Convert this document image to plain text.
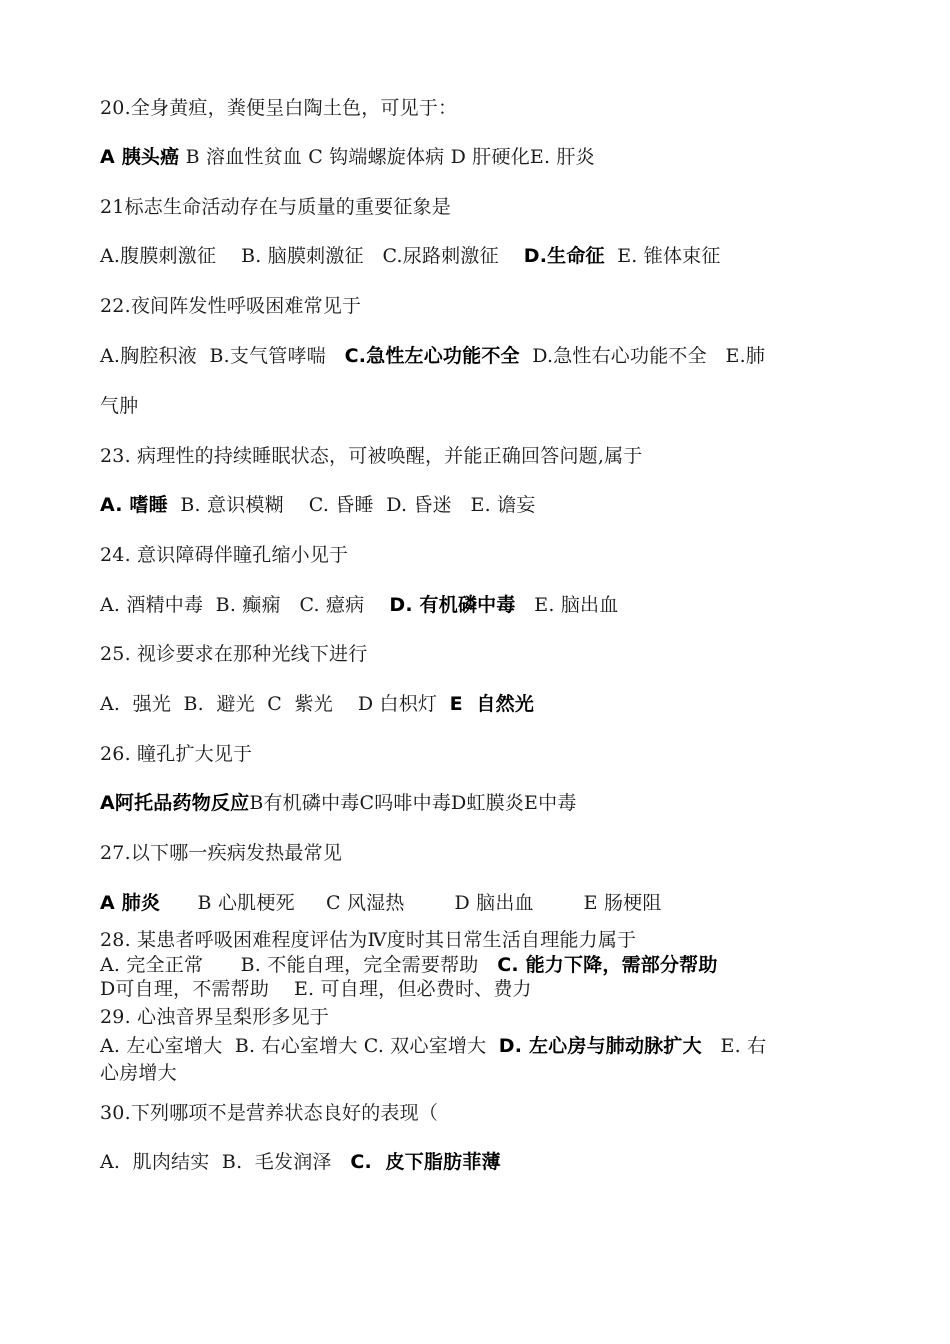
20.全身黄疸，粪便呈白陶土色，可见于：
A 胰头癌 B 溶血性贫血 C 钩端螺旋体病 D 肝硬化E. 肝炎
21标志生命活动存在与质量的重要征象是
A.腹膜刺激征    B. 脑膜刺激征   C.尿路刺激征    D.生命征  E. 锥体束征
22.夜间阵发性呼吸困难常见于
A.胸腔积液  B.支气管哮喘   C.急性左心功能不全  D.急性右心功能不全   E.肺
气肿
23. 病理性的持续睡眠状态，可被唤醒，并能正确回答问题,属于
A. 嗜睡  B. 意识模糊    C. 昏睡  D. 昏迷   E. 谵妄
24. 意识障碍伴瞳孔缩小见于
A. 酒精中毒  B. 癫痫   C. 癔病    D. 有机磷中毒   E. 脑出血
25. 视诊要求在那种光线下进行
A.  强光  B.  避光  C  紫光    D 白枳灯  E  自然光
26. 瞳孔扩大见于
A阿托品药物反应B有机磷中毒C吗啡中毒D虹膜炎E中毒
27.以下哪一疾病发热最常见
A 肺炎      B 心肌梗死     C 风湿热        D 脑出血        E 肠梗阻
28. 某患者呼吸困难程度评估为Ⅳ度时其日常生活自理能力属于
A. 完全正常      B. 不能自理，完全需要帮助   C. 能力下降，需部分帮助
D可自理，不需帮助    E. 可自理，但必费时、费力
29. 心浊音界呈梨形多见于
A. 左心室增大  B. 右心室增大 C. 双心室增大  D. 左心房与肺动脉扩大   E. 右
心房增大
30.下列哪项不是营养状态良好的表现（
A.  肌肉结实  B.  毛发润泽   C.  皮下脂肪菲薄
